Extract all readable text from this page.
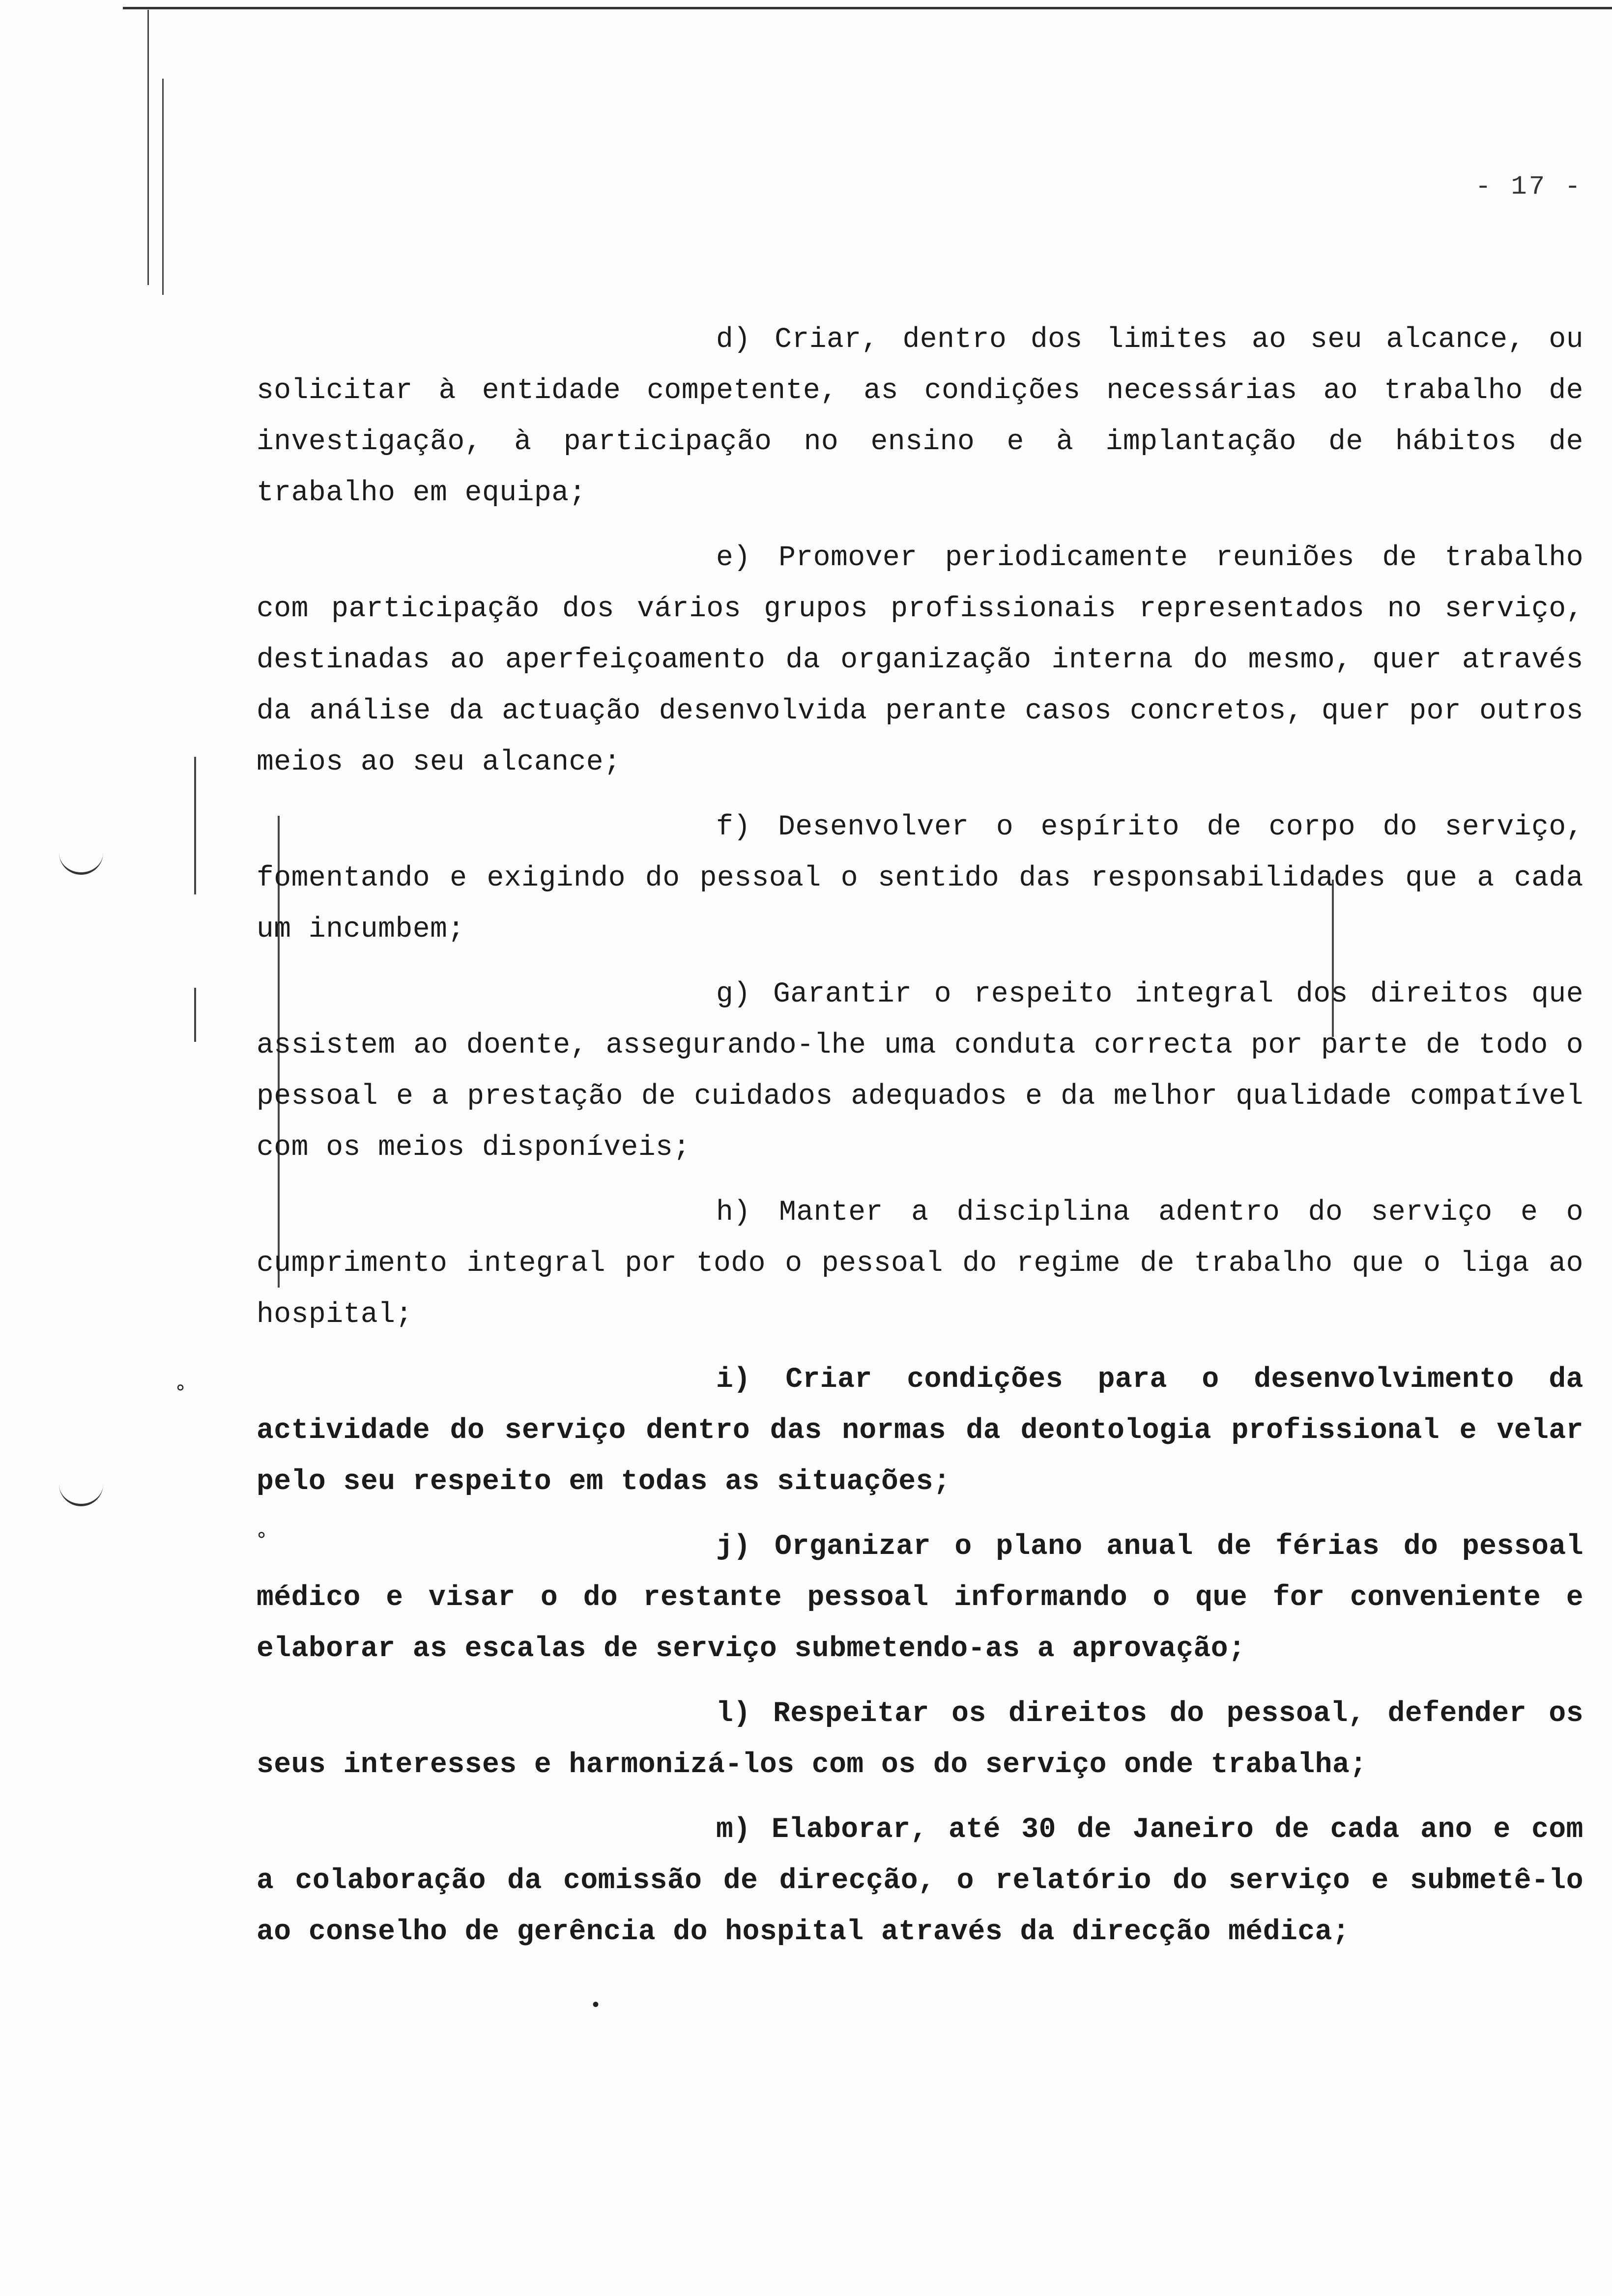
- 17 -

d) Criar, dentro dos limites ao seu alcance, ou solicitar à entidade competente, as condições necessárias ao trabalho de investigação, à participação no ensino e à implantação de hábitos de trabalho em equipa;

e) Promover periodicamente reuniões de trabalho com participação dos vários grupos profissionais representados no serviço, destinadas ao aperfeiçoamento da organização interna do mesmo, quer através da análise da actuação desenvolvida perante casos concretos, quer por outros meios ao seu alcance;

f) Desenvolver o espírito de corpo do serviço, fomentando e exigindo do pessoal o sentido das responsabilidades que a cada um incumbem;

g) Garantir o respeito integral dos direitos que assistem ao doente, assegurando-lhe uma conduta correcta por parte de todo o pessoal e a prestação de cuidados adequados e da melhor qualidade compatível com os meios disponíveis;

h) Manter a disciplina adentro do serviço e o cumprimento integral por todo o pessoal do regime de trabalho que o liga ao hospital;

i) Criar condições para o desenvolvimento da actividade do serviço dentro das normas da deontologia profissional e velar pelo seu respeito em todas as situações;

j) Organizar o plano anual de férias do pessoal médico e visar o do restante pessoal informando o que for conveniente e elaborar as escalas de serviço submetendo-as a aprovação;

l) Respeitar os direitos do pessoal, defender os seus interesses e harmonizá-los com os do serviço onde trabalha;

m) Elaborar, até 30 de Janeiro de cada ano e com a colaboração da comissão de direcção, o relatório do serviço e submetê-lo ao conselho de gerência do hospital através da direcção médica;

•
∘
∘
